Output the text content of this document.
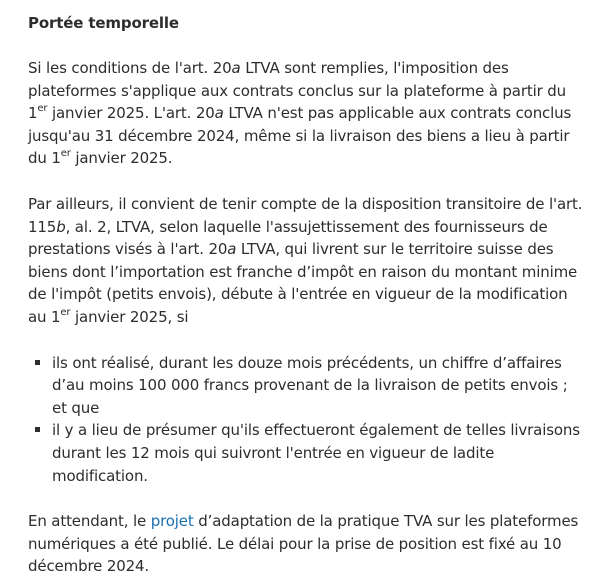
Portée temporelle

Si les conditions de l'art. 20a LTVA sont remplies, l'imposition des plateformes s'applique aux contrats conclus sur la plateforme à partir du 1er janvier 2025. L'art. 20a LTVA n'est pas applicable aux contrats conclus jusqu'au 31 décembre 2024, même si la livraison des biens a lieu à partir du 1er janvier 2025.

Par ailleurs, il convient de tenir compte de la disposition transitoire de l'art. 115b, al. 2, LTVA, selon laquelle l'assujettissement des fournisseurs de prestations visés à l'art. 20a LTVA, qui livrent sur le territoire suisse des biens dont l’importation est franche d’impôt en raison du montant minime de l'impôt (petits envois), débute à l'entrée en vigueur de la modification au 1er janvier 2025, si

ils ont réalisé, durant les douze mois précédents, un chiffre d’affaires d’au moins 100 000 francs provenant de la livraison de petits envois ; et que
il y a lieu de présumer qu'ils effectueront également de telles livraisons durant les 12 mois qui suivront l'entrée en vigueur de ladite modification.

En attendant, le projet d’adaptation de la pratique TVA sur les plateformes numériques a été publié. Le délai pour la prise de position est fixé au 10 décembre 2024.
